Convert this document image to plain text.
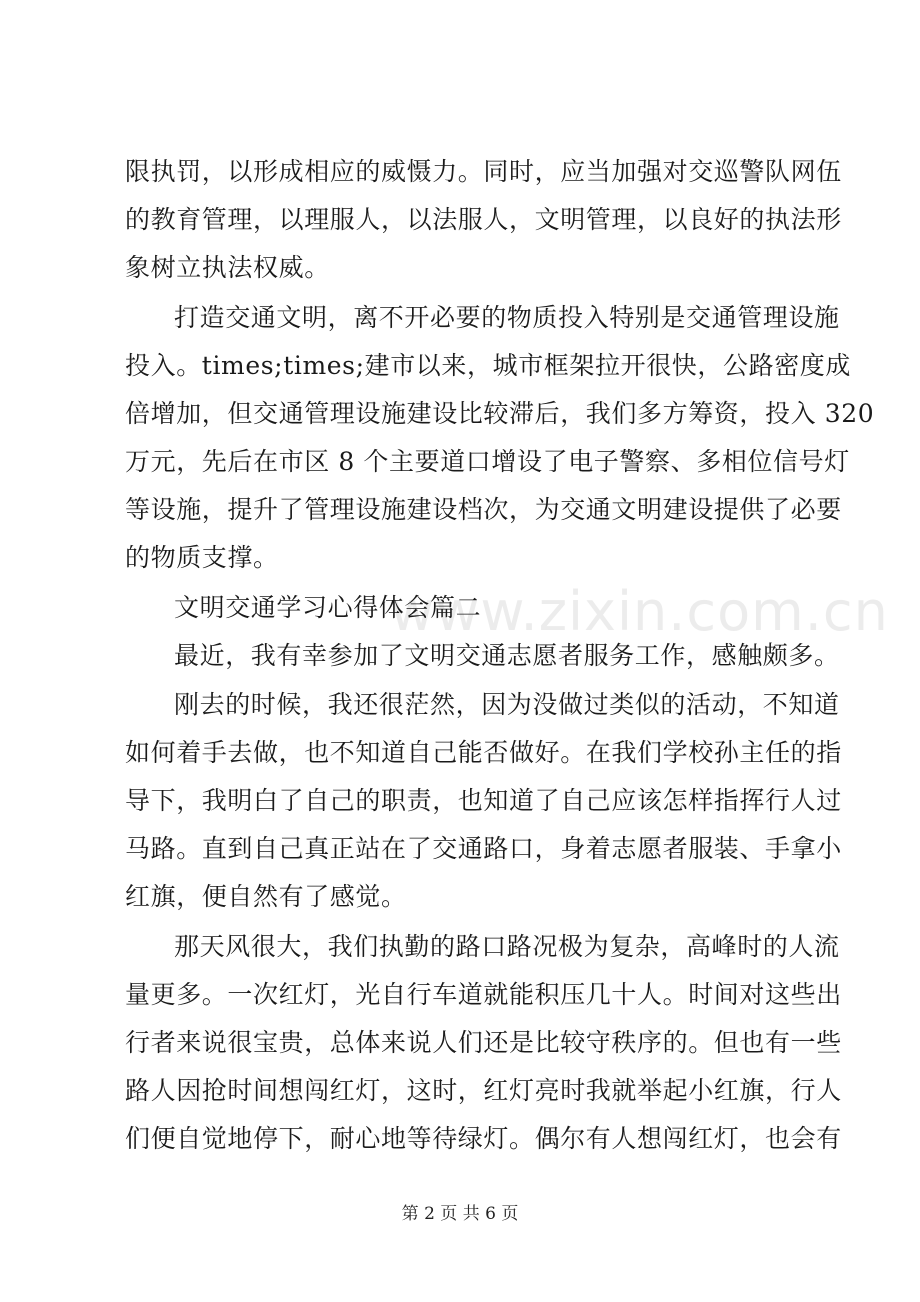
www.zixin.com.cn
限执罚，以形成相应的威慑力。同时，应当加强对交巡警队网伍
的教育管理，以理服人，以法服人，文明管理，以良好的执法形
象树立执法权威。
打造交通文明，离不开必要的物质投入特别是交通管理设施
投入。times;times;建市以来，城市框架拉开很快，公路密度成
倍增加，但交通管理设施建设比较滞后，我们多方筹资，投入 320
万元，先后在市区 8 个主要道口增设了电子警察、多相位信号灯
等设施，提升了管理设施建设档次，为交通文明建设提供了必要
的物质支撑。
文明交通学习心得体会篇二
最近，我有幸参加了文明交通志愿者服务工作，感触颇多。
刚去的时候，我还很茫然，因为没做过类似的活动，不知道
如何着手去做，也不知道自己能否做好。在我们学校孙主任的指
导下，我明白了自己的职责，也知道了自己应该怎样指挥行人过
马路。直到自己真正站在了交通路口，身着志愿者服装、手拿小
红旗，便自然有了感觉。
那天风很大，我们执勤的路口路况极为复杂，高峰时的人流
量更多。一次红灯，光自行车道就能积压几十人。时间对这些出
行者来说很宝贵，总体来说人们还是比较守秩序的。但也有一些
路人因抢时间想闯红灯，这时，红灯亮时我就举起小红旗，行人
们便自觉地停下，耐心地等待绿灯。偶尔有人想闯红灯，也会有
第 2 页 共 6 页
